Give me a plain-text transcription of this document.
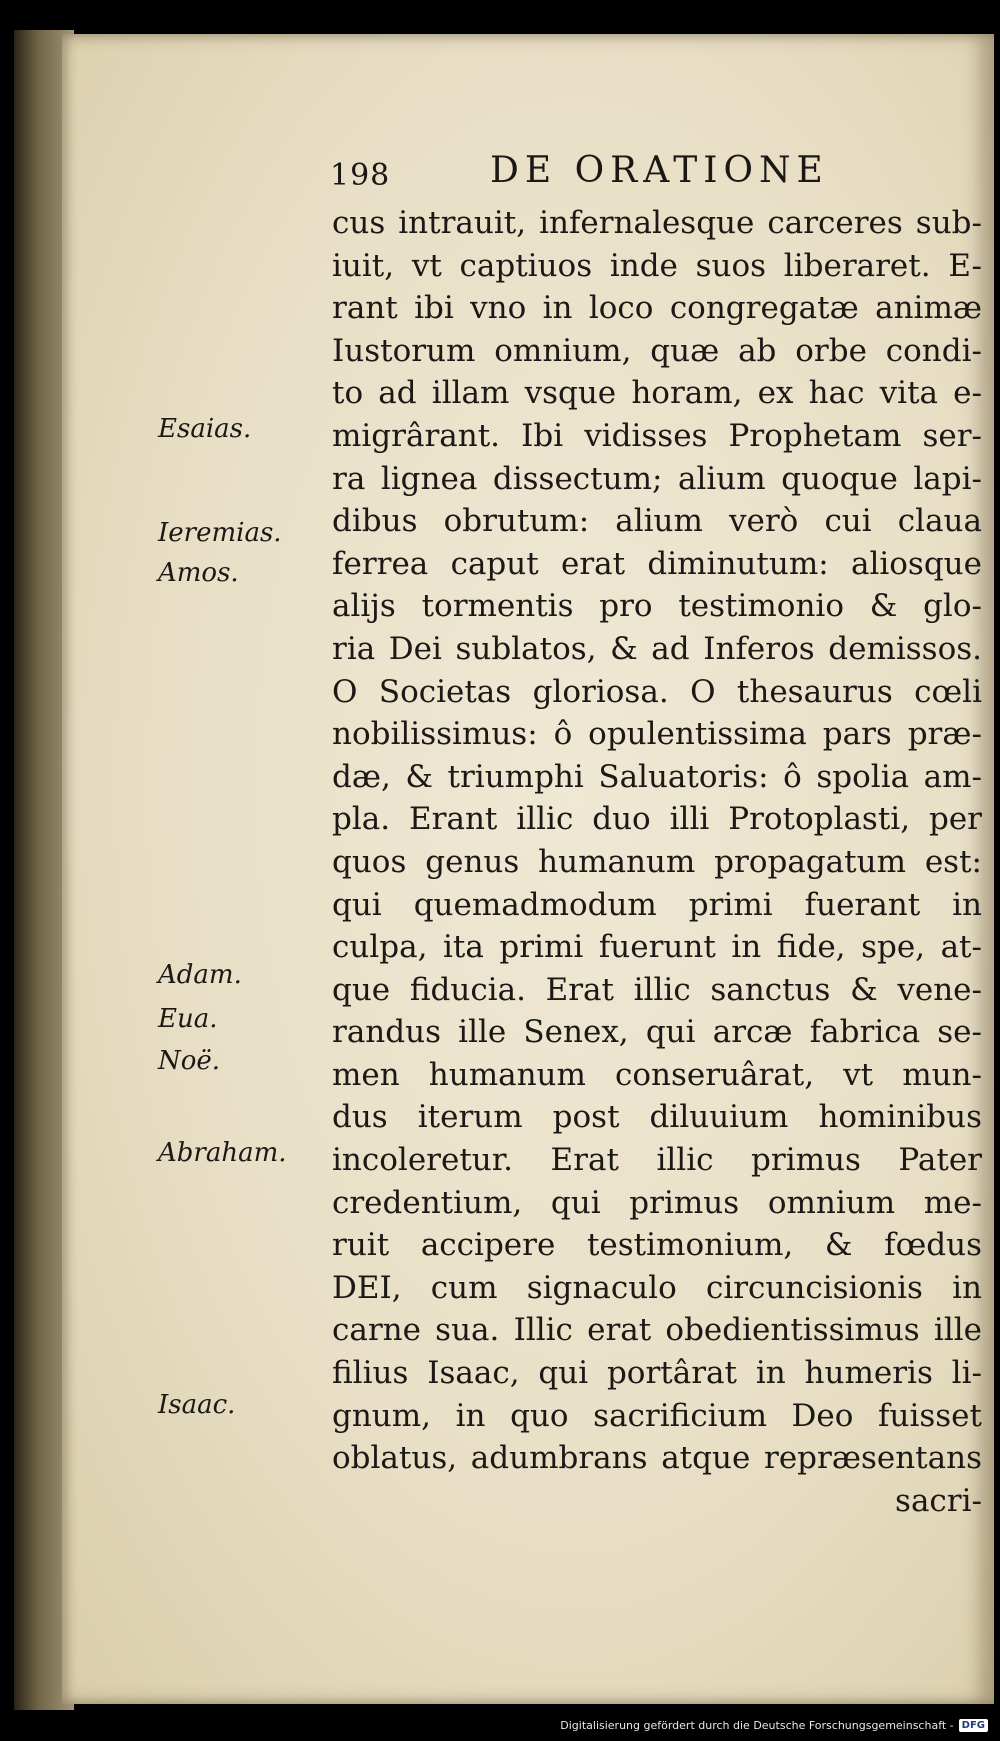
198	DE ORATIONE
cus intrauit, infernalesque carceres sub-
iuit, vt captiuos inde suos liberaret. E-
rant ibi vno in loco congregatæ animæ
Iustorum omnium, quæ ab orbe condi-
to ad illam vsque horam, ex hac vita e-
migrârant. Ibi vidisses Prophetam ser-
ra lignea dissectum; alium quoque lapi-
dibus obrutum: alium verò cui claua
ferrea caput erat diminutum: aliosque
alijs tormentis pro testimonio & glo-
ria Dei sublatos, & ad Inferos demissos.
O Societas gloriosa. O thesaurus cœli
nobilissimus: ô opulentissima pars præ-
dæ, & triumphi Saluatoris: ô spolia am-
pla. Erant illic duo illi Protoplasti, per
quos genus humanum propagatum est:
qui quemadmodum primi fuerant in
culpa, ita primi fuerunt in fide, spe, at-
que fiducia. Erat illic sanctus & vene-
randus ille Senex, qui arcæ fabrica se-
men humanum conseruârat, vt mun-
dus iterum post diluuium hominibus
incoleretur. Erat illic primus Pater
credentium, qui primus omnium me-
ruit accipere testimonium, & fœdus
DEI, cum signaculo circuncisionis in
carne sua. Illic erat obedientissimus ille
filius Isaac, qui portârat in humeris li-
gnum, in quo sacrificium Deo fuisset
oblatus, adumbrans atque repræsentans
sacri-
Esaias.
Ieremias.
Amos.
Adam.
Eua.
Noë.
Abraham.
Isaac.
Digitalisierung gefördert durch die Deutsche Forschungsgemeinschaft - DFG
